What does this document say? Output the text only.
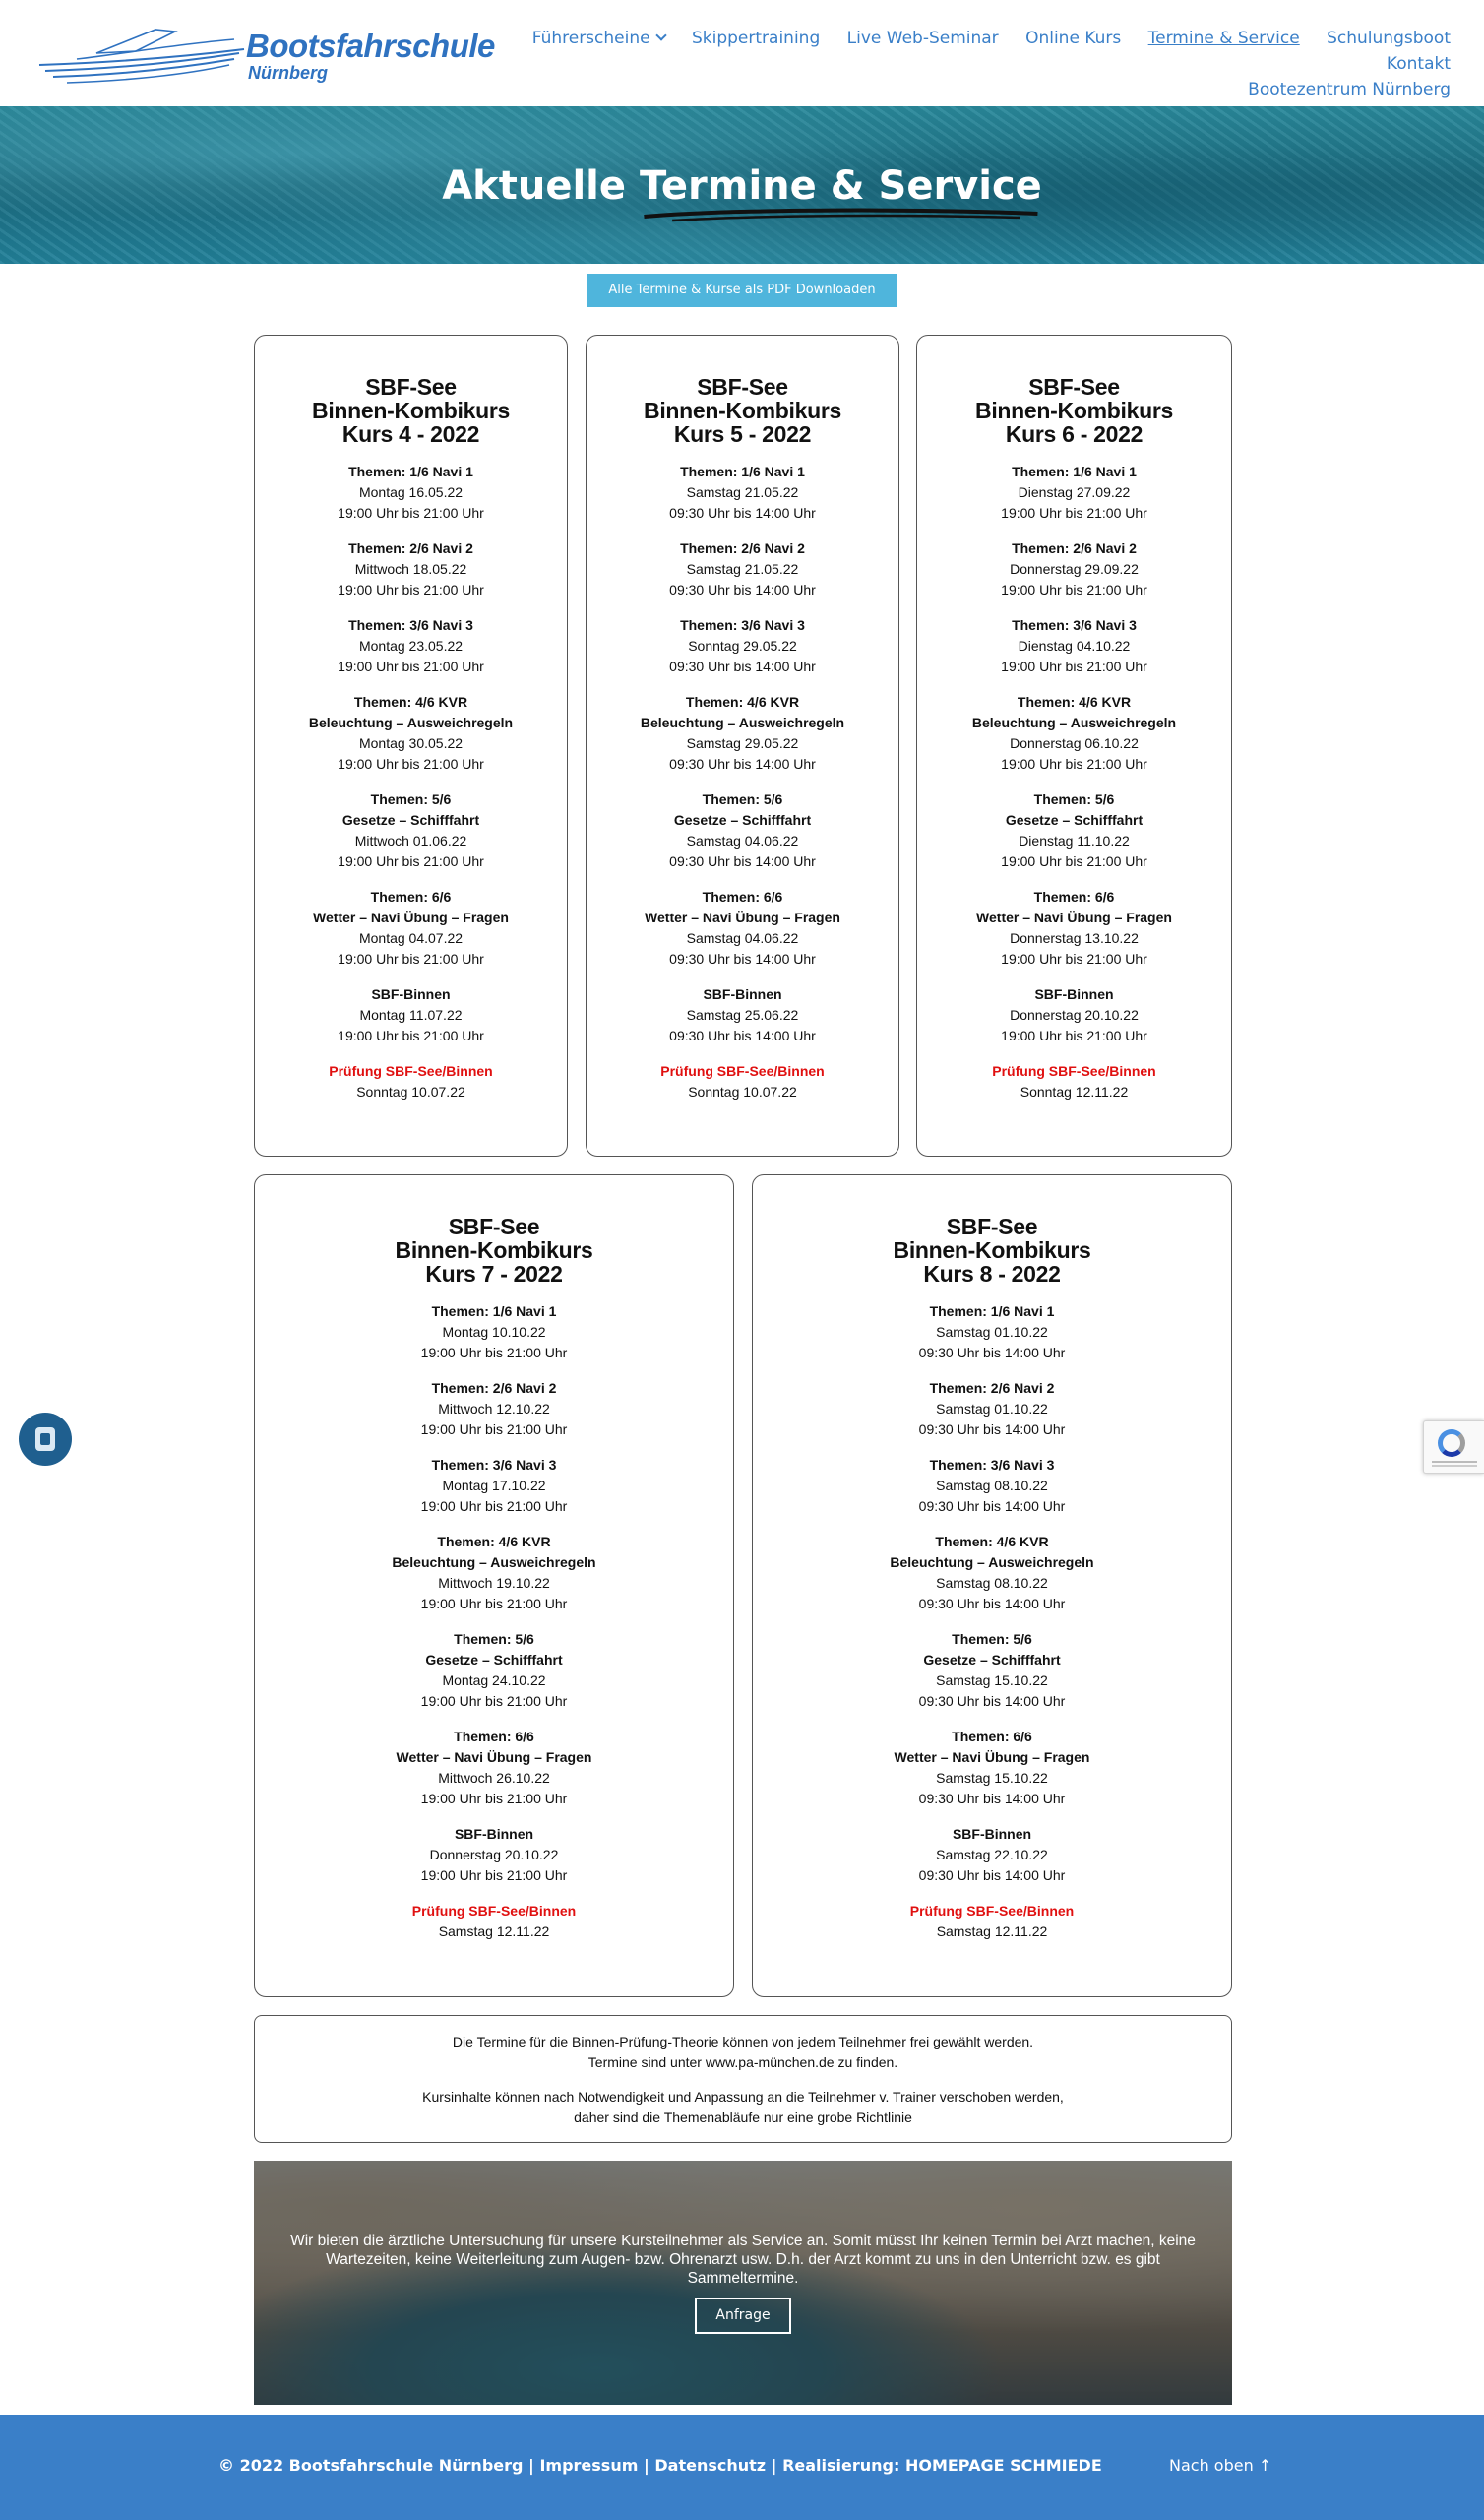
Bootsfahrschule
Nürnberg
Führerscheine Skippertraining Live Web-Seminar Online Kurs Termine & Service Schulungsboot Kontakt
Bootezentrum Nürnberg
Aktuelle Termine & Service
Alle Termine & Kurse als PDF Downloaden
SBF-See
Binnen-Kombikurs
Kurs 4 - 2022
Themen: 1/6 Navi 1
Montag 16.05.22
19:00 Uhr bis 21:00 Uhr
Themen: 2/6 Navi 2
Mittwoch 18.05.22
19:00 Uhr bis 21:00 Uhr
Themen: 3/6 Navi 3
Montag 23.05.22
19:00 Uhr bis 21:00 Uhr
Themen: 4/6 KVR
Beleuchtung – Ausweichregeln
Montag 30.05.22
19:00 Uhr bis 21:00 Uhr
Themen: 5/6
Gesetze – Schifffahrt
Mittwoch 01.06.22
19:00 Uhr bis 21:00 Uhr
Themen: 6/6
Wetter – Navi Übung – Fragen
Montag 04.07.22
19:00 Uhr bis 21:00 Uhr
SBF-Binnen
Montag 11.07.22
19:00 Uhr bis 21:00 Uhr
Prüfung SBF-See/Binnen
Sonntag 10.07.22
SBF-See
Binnen-Kombikurs
Kurs 5 - 2022
Themen: 1/6 Navi 1
Samstag 21.05.22
09:30 Uhr bis 14:00 Uhr
Themen: 2/6 Navi 2
Samstag 21.05.22
09:30 Uhr bis 14:00 Uhr
Themen: 3/6 Navi 3
Sonntag 29.05.22
09:30 Uhr bis 14:00 Uhr
Themen: 4/6 KVR
Beleuchtung – Ausweichregeln
Samstag 29.05.22
09:30 Uhr bis 14:00 Uhr
Themen: 5/6
Gesetze – Schifffahrt
Samstag 04.06.22
09:30 Uhr bis 14:00 Uhr
Themen: 6/6
Wetter – Navi Übung – Fragen
Samstag 04.06.22
09:30 Uhr bis 14:00 Uhr
SBF-Binnen
Samstag 25.06.22
09:30 Uhr bis 14:00 Uhr
Prüfung SBF-See/Binnen
Sonntag 10.07.22
SBF-See
Binnen-Kombikurs
Kurs 6 - 2022
Themen: 1/6 Navi 1
Dienstag 27.09.22
19:00 Uhr bis 21:00 Uhr
Themen: 2/6 Navi 2
Donnerstag 29.09.22
19:00 Uhr bis 21:00 Uhr
Themen: 3/6 Navi 3
Dienstag 04.10.22
19:00 Uhr bis 21:00 Uhr
Themen: 4/6 KVR
Beleuchtung – Ausweichregeln
Donnerstag 06.10.22
19:00 Uhr bis 21:00 Uhr
Themen: 5/6
Gesetze – Schifffahrt
Dienstag 11.10.22
19:00 Uhr bis 21:00 Uhr
Themen: 6/6
Wetter – Navi Übung – Fragen
Donnerstag 13.10.22
19:00 Uhr bis 21:00 Uhr
SBF-Binnen
Donnerstag 20.10.22
19:00 Uhr bis 21:00 Uhr
Prüfung SBF-See/Binnen
Sonntag 12.11.22
SBF-See
Binnen-Kombikurs
Kurs 7 - 2022
Themen: 1/6 Navi 1
Montag 10.10.22
19:00 Uhr bis 21:00 Uhr
Themen: 2/6 Navi 2
Mittwoch 12.10.22
19:00 Uhr bis 21:00 Uhr
Themen: 3/6 Navi 3
Montag 17.10.22
19:00 Uhr bis 21:00 Uhr
Themen: 4/6 KVR
Beleuchtung – Ausweichregeln
Mittwoch 19.10.22
19:00 Uhr bis 21:00 Uhr
Themen: 5/6
Gesetze – Schifffahrt
Montag 24.10.22
19:00 Uhr bis 21:00 Uhr
Themen: 6/6
Wetter – Navi Übung – Fragen
Mittwoch 26.10.22
19:00 Uhr bis 21:00 Uhr
SBF-Binnen
Donnerstag 20.10.22
19:00 Uhr bis 21:00 Uhr
Prüfung SBF-See/Binnen
Samstag 12.11.22
SBF-See
Binnen-Kombikurs
Kurs 8 - 2022
Themen: 1/6 Navi 1
Samstag 01.10.22
09:30 Uhr bis 14:00 Uhr
Themen: 2/6 Navi 2
Samstag 01.10.22
09:30 Uhr bis 14:00 Uhr
Themen: 3/6 Navi 3
Samstag 08.10.22
09:30 Uhr bis 14:00 Uhr
Themen: 4/6 KVR
Beleuchtung – Ausweichregeln
Samstag 08.10.22
09:30 Uhr bis 14:00 Uhr
Themen: 5/6
Gesetze – Schifffahrt
Samstag 15.10.22
09:30 Uhr bis 14:00 Uhr
Themen: 6/6
Wetter – Navi Übung – Fragen
Samstag 15.10.22
09:30 Uhr bis 14:00 Uhr
SBF-Binnen
Samstag 22.10.22
09:30 Uhr bis 14:00 Uhr
Prüfung SBF-See/Binnen
Samstag 12.11.22

Die Termine für die Binnen-Prüfung-Theorie können von jedem Teilnehmer frei gewählt werden.
Termine sind unter www.pa-münchen.de zu finden.

Kursinhalte können nach Notwendigkeit und Anpassung an die Teilnehmer v. Trainer verschoben werden,
daher sind die Themenabläufe nur eine grobe Richtlinie

Wir bieten die ärztliche Untersuchung für unsere Kursteilnehmer als Service an. Somit müsst Ihr keinen Termin bei Arzt machen, keine Wartezeiten, keine Weiterleitung zum Augen- bzw. Ohrenarzt usw. D.h. der Arzt kommt zu uns in den Unterricht bzw. es gibt Sammeltermine.
Anfrage
© 2022 Bootsfahrschule Nürnberg | Impressum | Datenschutz | Realisierung: HOMEPAGE SCHMIEDE	Nach oben ↑
